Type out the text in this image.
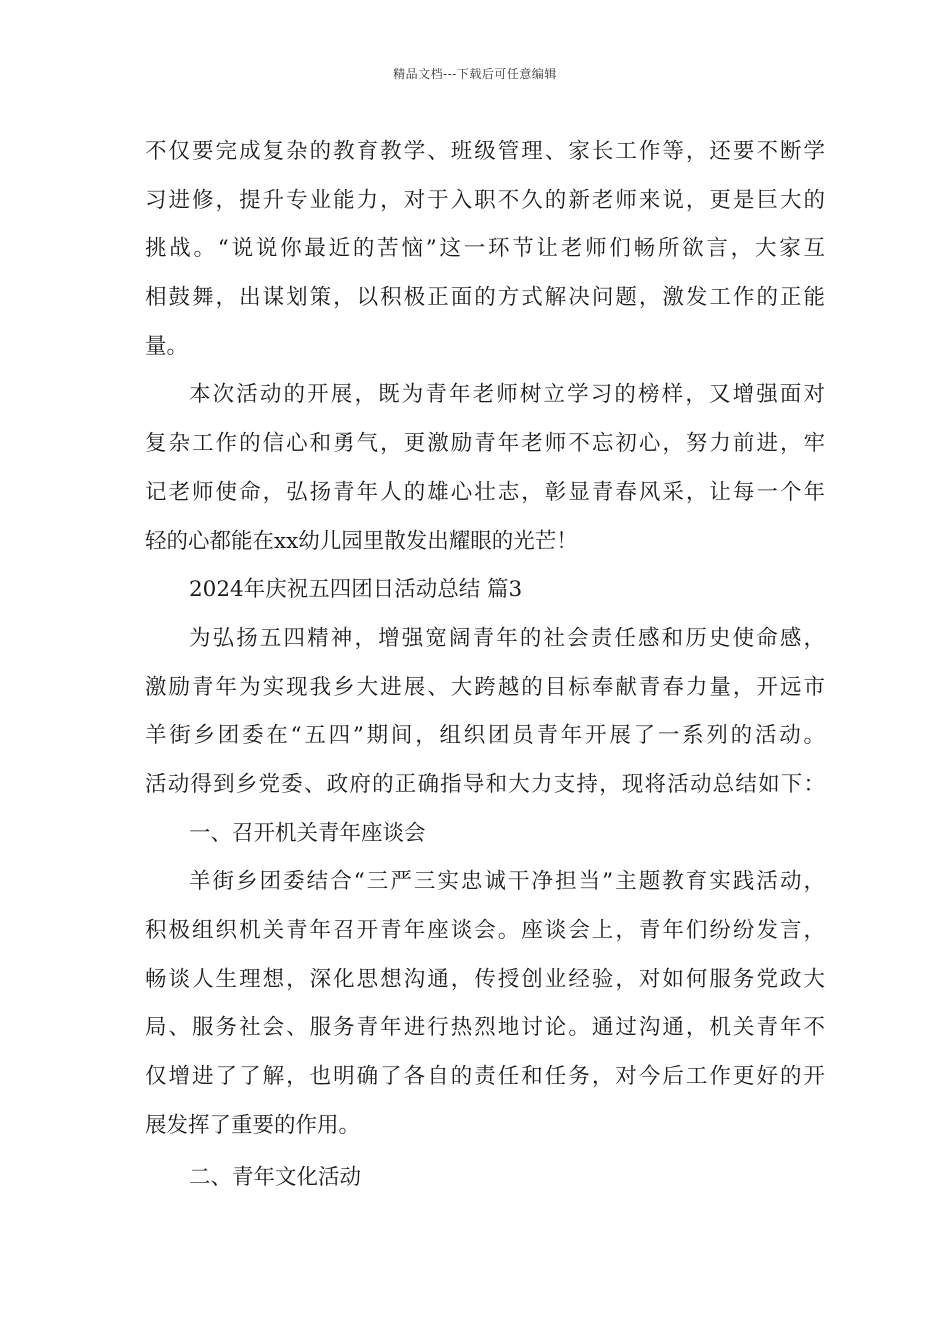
精品文档---下载后可任意编辑
不仅要完成复杂的教育教学、班级管理、家长工作等，还要不断学
习进修，提升专业能力，对于入职不久的新老师来说，更是巨大的
挑战。“说说你最近的苦恼”这一环节让老师们畅所欲言，大家互
相鼓舞，出谋划策，以积极正面的方式解决问题，激发工作的正能
量。
本次活动的开展，既为青年老师树立学习的榜样，又增强面对
复杂工作的信心和勇气，更激励青年老师不忘初心，努力前进，牢
记老师使命，弘扬青年人的雄心壮志，彰显青春风采，让每一个年
轻的心都能在xx幼儿园里散发出耀眼的光芒！
2024年庆祝五四团日活动总结 篇3
为弘扬五四精神，增强宽阔青年的社会责任感和历史使命感，
激励青年为实现我乡大进展、大跨越的目标奉献青春力量，开远市
羊街乡团委在“五四”期间，组织团员青年开展了一系列的活动。
活动得到乡党委、政府的正确指导和大力支持，现将活动总结如下：
一、召开机关青年座谈会
羊街乡团委结合“三严三实忠诚干净担当”主题教育实践活动，
积极组织机关青年召开青年座谈会。座谈会上，青年们纷纷发言，
畅谈人生理想，深化思想沟通，传授创业经验，对如何服务党政大
局、服务社会、服务青年进行热烈地讨论。通过沟通，机关青年不
仅增进了了解，也明确了各自的责任和任务，对今后工作更好的开
展发挥了重要的作用。
二、青年文化活动
